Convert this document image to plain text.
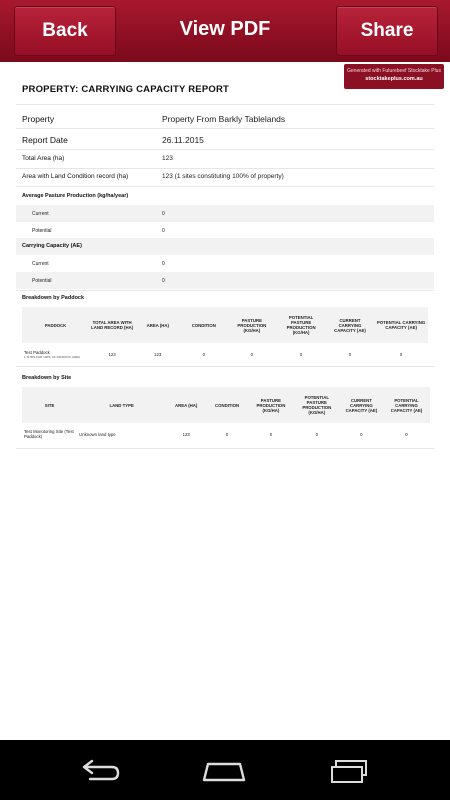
Back	View PDF	Share
Generated with Futurebeef Stocktake Plus
stocktakeplus.com.au
PROPERTY: CARRYING CAPACITY REPORT
Property	Property From Barkly Tablelands
Report Date	26.11.2015
Total Area (ha)	123
Area with Land Condition record (ha)	123 (1 sites constituting 100% of property)
Average Pasture Production (kg/ha/year)
Current	0
Potential	0
Carrying Capacity (AE)
Current	0
Potential	0
Breakdown by Paddock
PADDOCK	TOTAL AREA WITH LAND RECORD (HA)	AREA (HA)	CONDITION	PASTURE PRODUCTION (KG/HA)	POTENTIAL PASTURE PRODUCTION (KG/HA)	CURRENT CARRYING CAPACITY (AE)	POTENTIAL CARRYING CAPACITY (AE)
Test Paddock
1 SITES FOR 100% OF PADDOCK AREA	123	123	0	0	0	0	0
Breakdown by Site
SITE	LAND TYPE	AREA (HA)	CONDITION	PASTURE PRODUCTION (KG/HA)	POTENTIAL PASTURE PRODUCTION (KG/HA)	CURRENT CARRYING CAPACITY (AE)	POTENTIAL CARRYING CAPACITY (AE)
Test Monotoring Site (Test Paddock)	Unknown land type	123	0	0	0	0	0
